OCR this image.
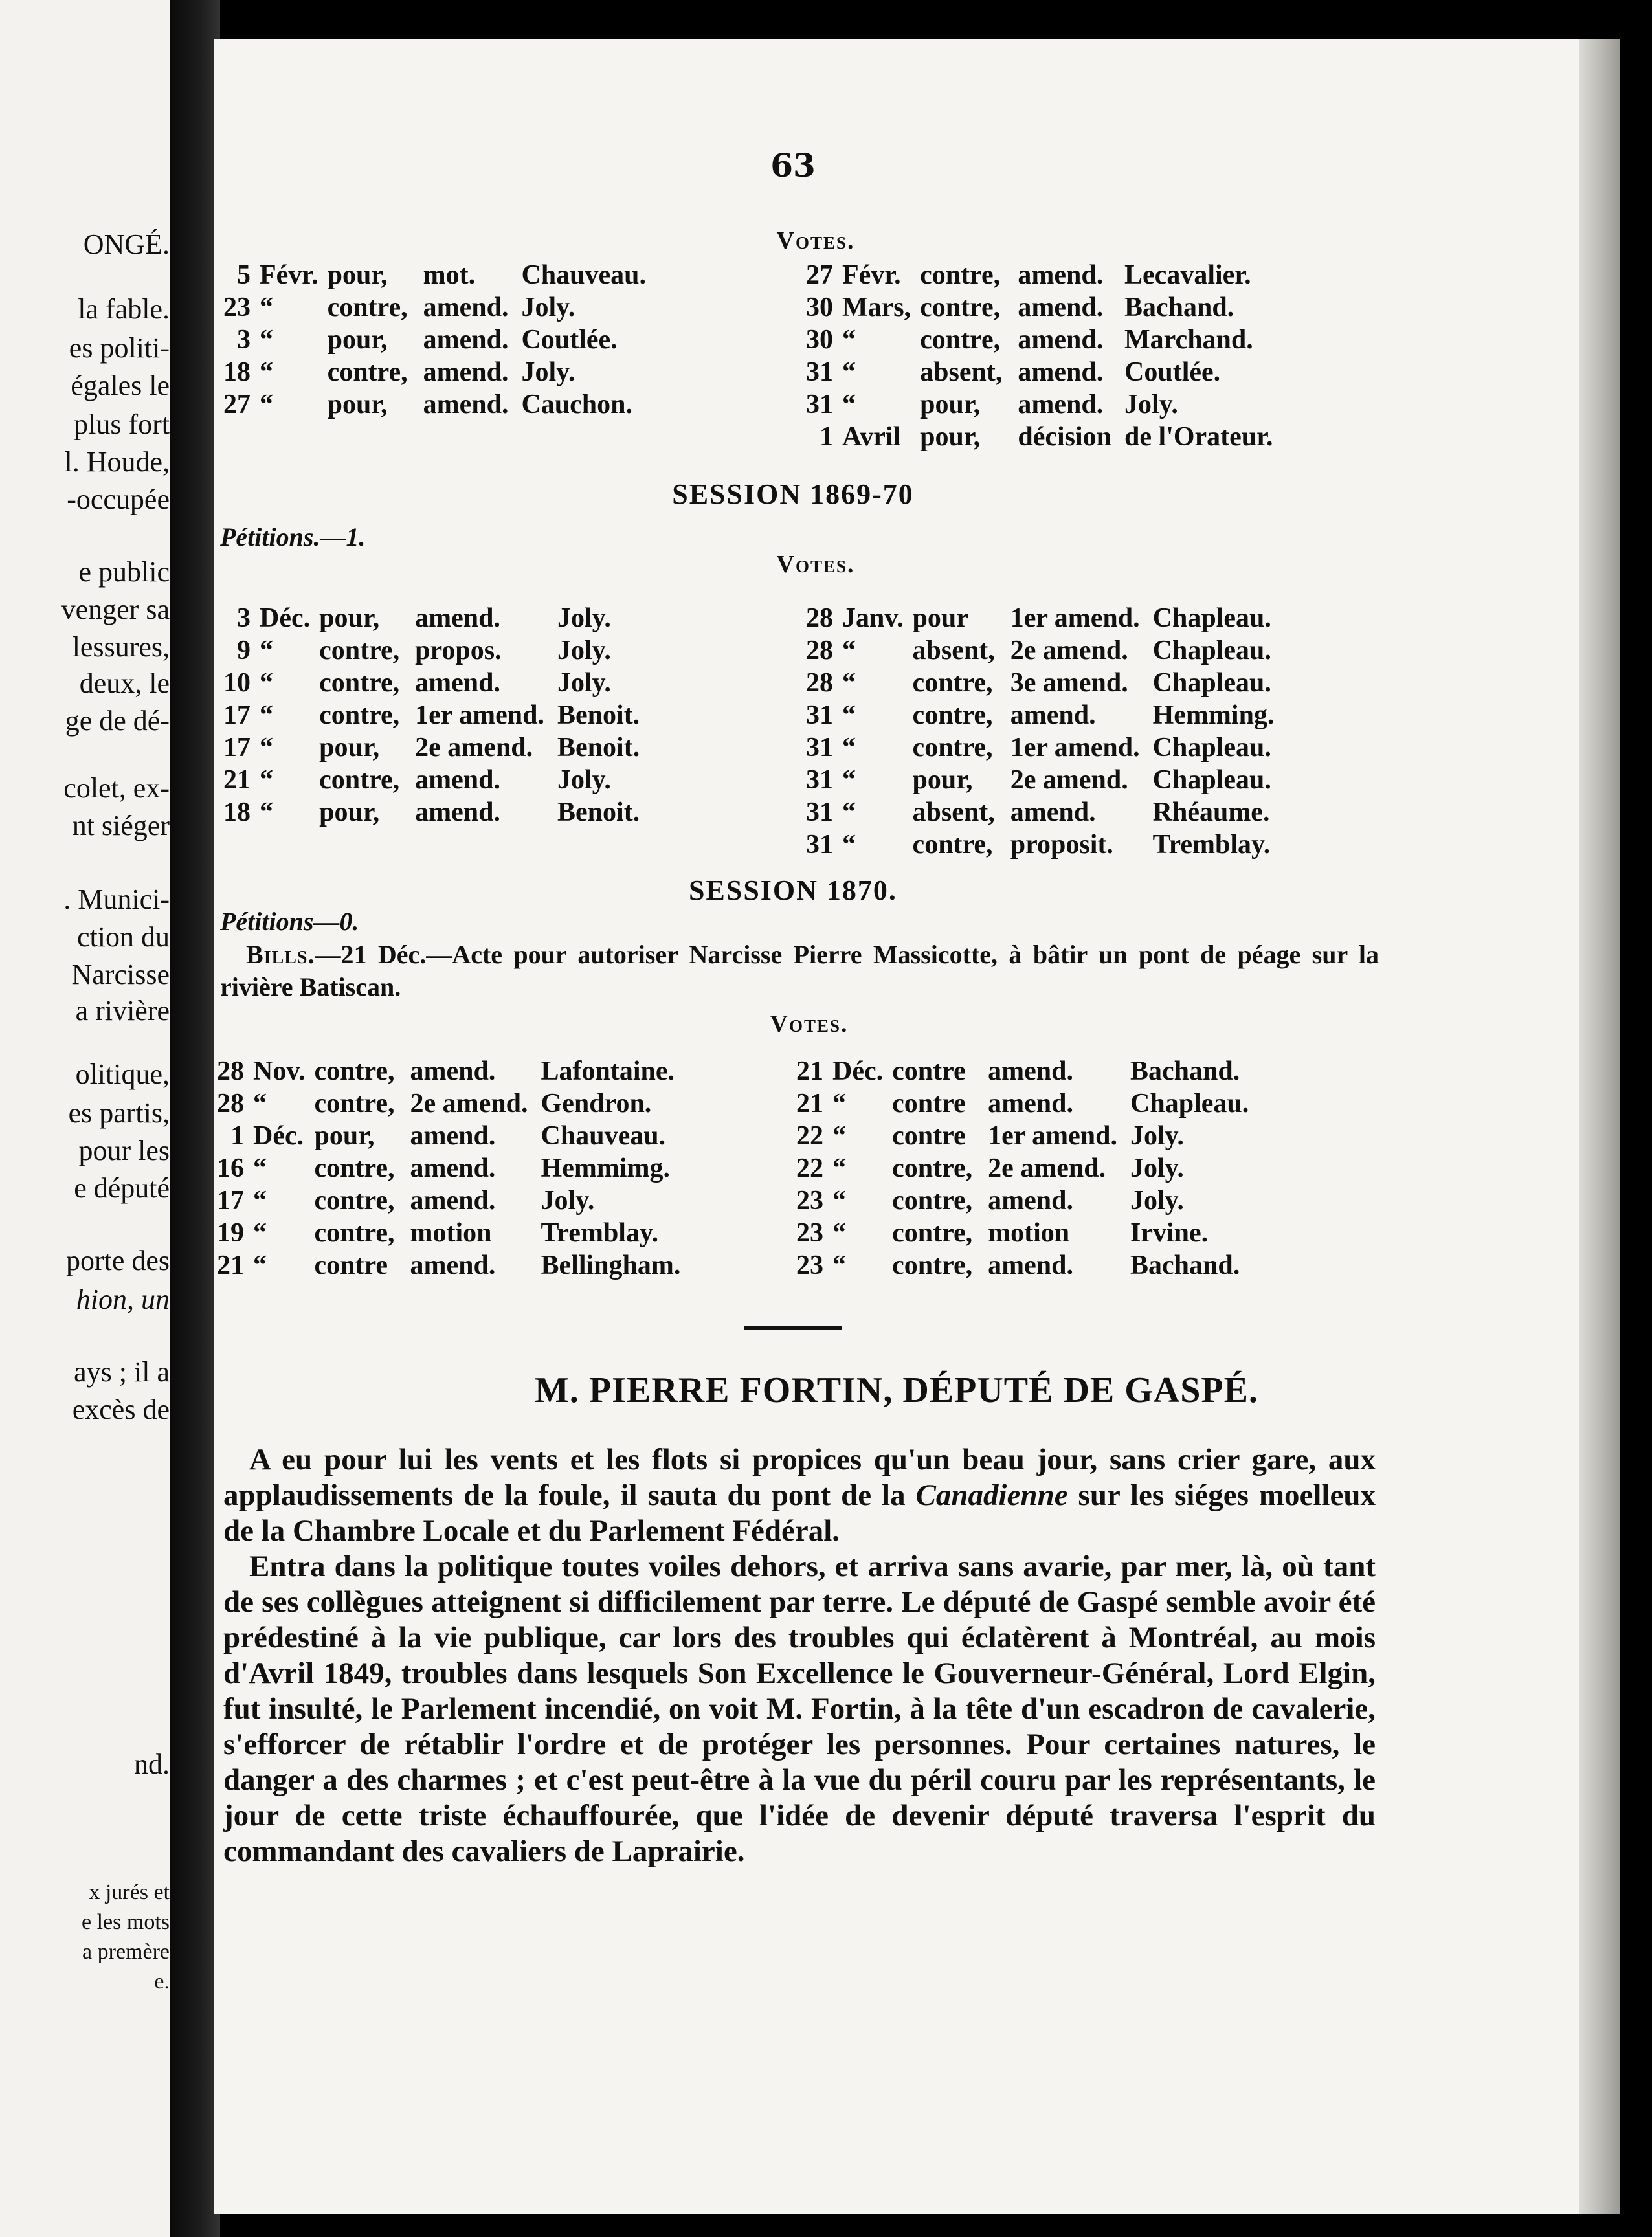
ONGÉ.
la fable.
es politi-
égales le
plus fort
l. Houde,
-occupée
e public
venger sa
lessures,
deux, le
ge de dé-
colet, ex-
nt siéger
. Munici-
ction du
Narcisse
a rivière
olitique,
es partis,
pour les
e député
porte des
hion, un
ays ; il a
excès de
nd.
x jurés et
e les mots
a premère
e.
63
Votes.
5	Févr.	pour,	mot.	Chauveau.
23	“	contre,	amend.	Joly.
3	“	pour,	amend.	Coutlée.
18	“	contre,	amend.	Joly.
27	“	pour,	amend.	Cauchon.
27	Févr.	contre,	amend.	Lecavalier.
30	Mars,	contre,	amend.	Bachand.
30	“	contre,	amend.	Marchand.
31	“	absent,	amend.	Coutlée.
31	“	pour,	amend.	Joly.
1	Avril	pour,	décision	de l'Orateur.
SESSION 1869-70
Pétitions.—1.
Votes.
3	Déc.	pour,	amend.	Joly.
9	“	contre,	propos.	Joly.
10	“	contre,	amend.	Joly.
17	“	contre,	1er amend.	Benoit.
17	“	pour,	2e amend.	Benoit.
21	“	contre,	amend.	Joly.
18	“	pour,	amend.	Benoit.
28	Janv.	pour	1er amend.	Chapleau.
28	“	absent,	2e amend.	Chapleau.
28	“	contre,	3e amend.	Chapleau.
31	“	contre,	amend.	Hemming.
31	“	contre,	1er amend.	Chapleau.
31	“	pour,	2e amend.	Chapleau.
31	“	absent,	amend.	Rhéaume.
31	“	contre,	proposit.	Tremblay.
SESSION 1870.
Pétitions—0.
Bills.—21 Déc.—Acte pour autoriser Narcisse Pierre Massicotte, à bâtir un pont de péage sur la rivière Batiscan.
Votes.
28	Nov.	contre,	amend.	Lafontaine.
28	“	contre,	2e amend.	Gendron.
1	Déc.	pour,	amend.	Chauveau.
16	“	contre,	amend.	Hemmimg.
17	“	contre,	amend.	Joly.
19	“	contre,	motion	Tremblay.
21	“	contre	amend.	Bellingham.
21	Déc.	contre	amend.	Bachand.
21	“	contre	amend.	Chapleau.
22	“	contre	1er amend.	Joly.
22	“	contre,	2e amend.	Joly.
23	“	contre,	amend.	Joly.
23	“	contre,	motion	Irvine.
23	“	contre,	amend.	Bachand.
M. PIERRE FORTIN, DÉPUTÉ DE GASPÉ.

A eu pour lui les vents et les flots si propices qu'un beau jour, sans crier gare, aux applaudissements de la foule, il sauta du pont de la Canadienne sur les siéges moelleux de la Chambre Locale et du Parlement Fédéral.

Entra dans la politique toutes voiles dehors, et arriva sans avarie, par mer, là, où tant de ses collègues atteignent si difficilement par terre. Le député de Gaspé semble avoir été prédestiné à la vie publique, car lors des troubles qui éclatèrent à Montréal, au mois d'Avril 1849, troubles dans lesquels Son Excellence le Gouverneur-Général, Lord Elgin, fut insulté, le Parlement incendié, on voit M. Fortin, à la tête d'un escadron de cavalerie, s'efforcer de rétablir l'ordre et de protéger les personnes. Pour certaines natures, le danger a des charmes ; et c'est peut-être à la vue du péril couru par les représentants, le jour de cette triste échauffourée, que l'idée de devenir député traversa l'esprit du commandant des cavaliers de Laprairie.
